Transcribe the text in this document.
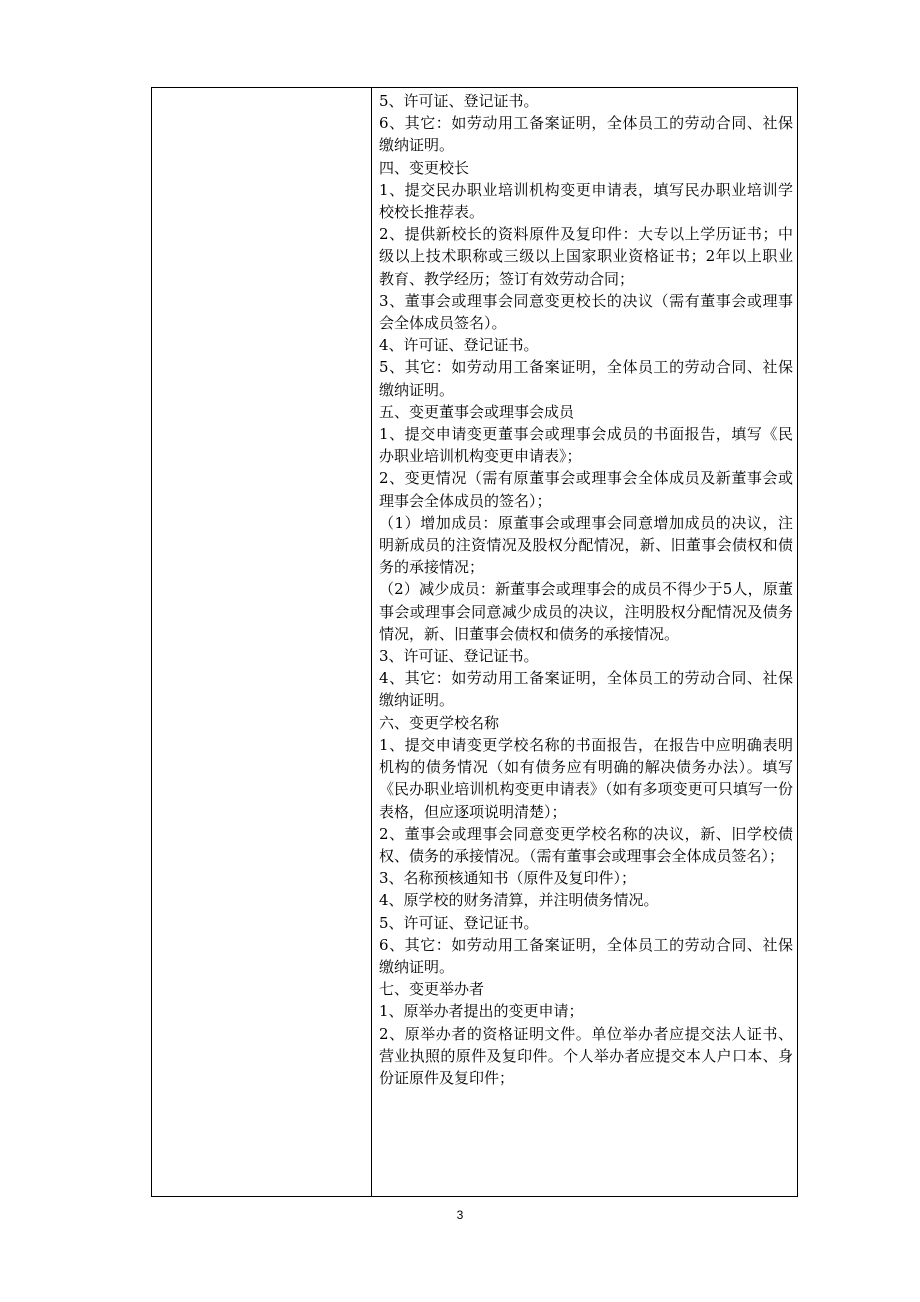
5、许可证、登记证书。

6、其它：如劳动用工备案证明，全体员工的劳动合同、社保缴纳证明。

四、变更校长

1、提交民办职业培训机构变更申请表，填写民办职业培训学校校长推荐表。

2、提供新校长的资料原件及复印件：大专以上学历证书；中级以上技术职称或三级以上国家职业资格证书；2年以上职业教育、教学经历；签订有效劳动合同；

3、董事会或理事会同意变更校长的决议（需有董事会或理事会全体成员签名）。

4、许可证、登记证书。

5、其它：如劳动用工备案证明，全体员工的劳动合同、社保缴纳证明。

五、变更董事会或理事会成员

1、提交申请变更董事会或理事会成员的书面报告，填写《民办职业培训机构变更申请表》；

2、变更情况（需有原董事会或理事会全体成员及新董事会或理事会全体成员的签名）；

（1）增加成员：原董事会或理事会同意增加成员的决议，注明新成员的注资情况及股权分配情况，新、旧董事会债权和债务的承接情况；

（2）减少成员：新董事会或理事会的成员不得少于5人，原董事会或理事会同意减少成员的决议，注明股权分配情况及债务情况，新、旧董事会债权和债务的承接情况。

3、许可证、登记证书。

4、其它：如劳动用工备案证明，全体员工的劳动合同、社保缴纳证明。

六、变更学校名称

1、提交申请变更学校名称的书面报告，在报告中应明确表明机构的债务情况（如有债务应有明确的解决债务办法）。填写《民办职业培训机构变更申请表》（如有多项变更可只填写一份表格，但应逐项说明清楚）；

2、董事会或理事会同意变更学校名称的决议，新、旧学校债权、债务的承接情况。（需有董事会或理事会全体成员签名）；

3、名称预核通知书（原件及复印件）；

4、原学校的财务清算，并注明债务情况。

5、许可证、登记证书。

6、其它：如劳动用工备案证明，全体员工的劳动合同、社保缴纳证明。

七、变更举办者

1、原举办者提出的变更申请；

2、原举办者的资格证明文件。单位举办者应提交法人证书、营业执照的原件及复印件。个人举办者应提交本人户口本、身份证原件及复印件；

3
